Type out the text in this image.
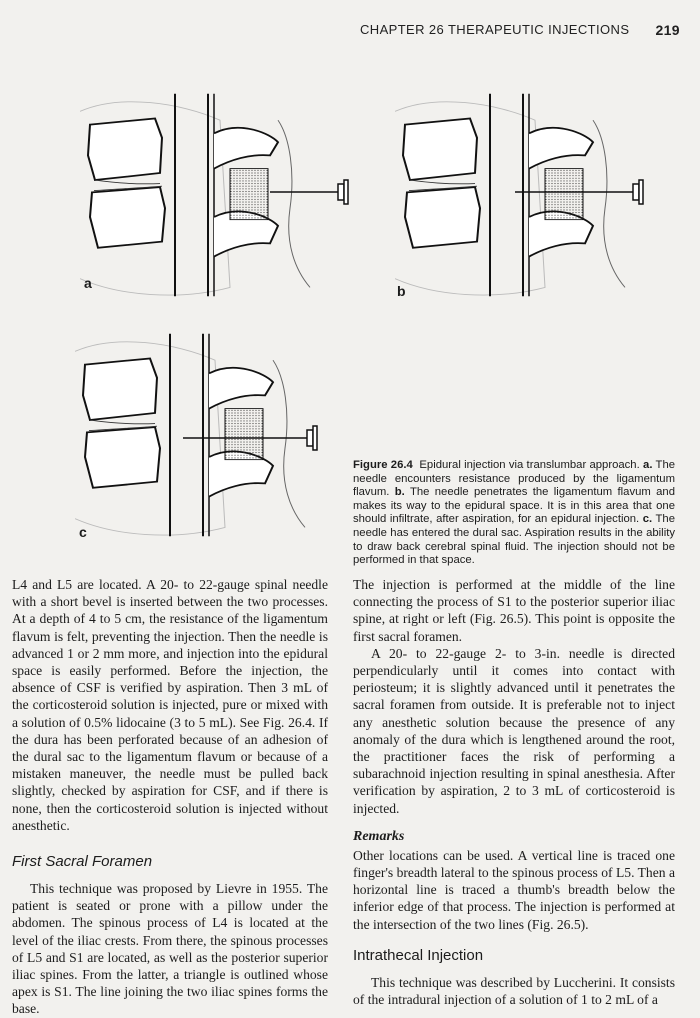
CHAPTER 26 THERAPEUTIC INJECTIONS 219
a	b
c
Figure 26.4 Epidural injection via translumbar approach. a. The needle encounters resistance produced by the ligamentum flavum. b. The needle penetrates the ligamentum flavum and makes its way to the epidural space. It is in this area that one should infiltrate, after aspiration, for an epidural injection. c. The needle has entered the dural sac. Aspiration results in the ability to draw back cerebral spinal fluid. The injection should not be performed in that space.

L4 and L5 are located. A 20- to 22-gauge spinal needle with a short bevel is inserted between the two processes. At a depth of 4 to 5 cm, the resistance of the ligamentum flavum is felt, preventing the injection. Then the needle is advanced 1 or 2 mm more, and injection into the epidural space is easily performed. Before the injection, the absence of CSF is verified by aspiration. Then 3 mL of the corticosteroid solution is injected, pure or mixed with a solution of 0.5% lidocaine (3 to 5 mL). See Fig. 26.4. If the dura has been perforated because of an adhesion of the dural sac to the ligamentum flavum or because of a mistaken maneuver, the needle must be pulled back slightly, checked by aspiration for CSF, and if there is none, then the corticosteroid solution is injected without anesthetic.

First Sacral Foramen

This technique was proposed by Lievre in 1955. The patient is seated or prone with a pillow under the abdomen. The spinous process of L4 is located at the level of the iliac crests. From there, the spinous processes of L5 and S1 are located, as well as the posterior superior iliac spines. From the latter, a triangle is outlined whose apex is S1. The line joining the two iliac spines forms the base.

The injection is performed at the middle of the line connecting the process of S1 to the posterior superior iliac spine, at right or left (Fig. 26.5). This point is opposite the first sacral foramen.

A 20- to 22-gauge 2- to 3-in. needle is directed perpendicularly until it comes into contact with periosteum; it is slightly advanced until it penetrates the sacral foramen from outside. It is preferable not to inject any anesthetic solution because the presence of any anomaly of the dura which is lengthened around the root, the practitioner faces the risk of performing a subarachnoid injection resulting in spinal anesthesia. After verification by aspiration, 2 to 3 mL of corticosteroid is injected.

Remarks

Other locations can be used. A vertical line is traced one finger's breadth lateral to the spinous process of L5. Then a horizontal line is traced a thumb's breadth below the inferior edge of that process. The injection is performed at the intersection of the two lines (Fig. 26.5).

Intrathecal Injection

This technique was described by Luccherini. It consists of the intradural injection of a solution of 1 to 2 mL of a
